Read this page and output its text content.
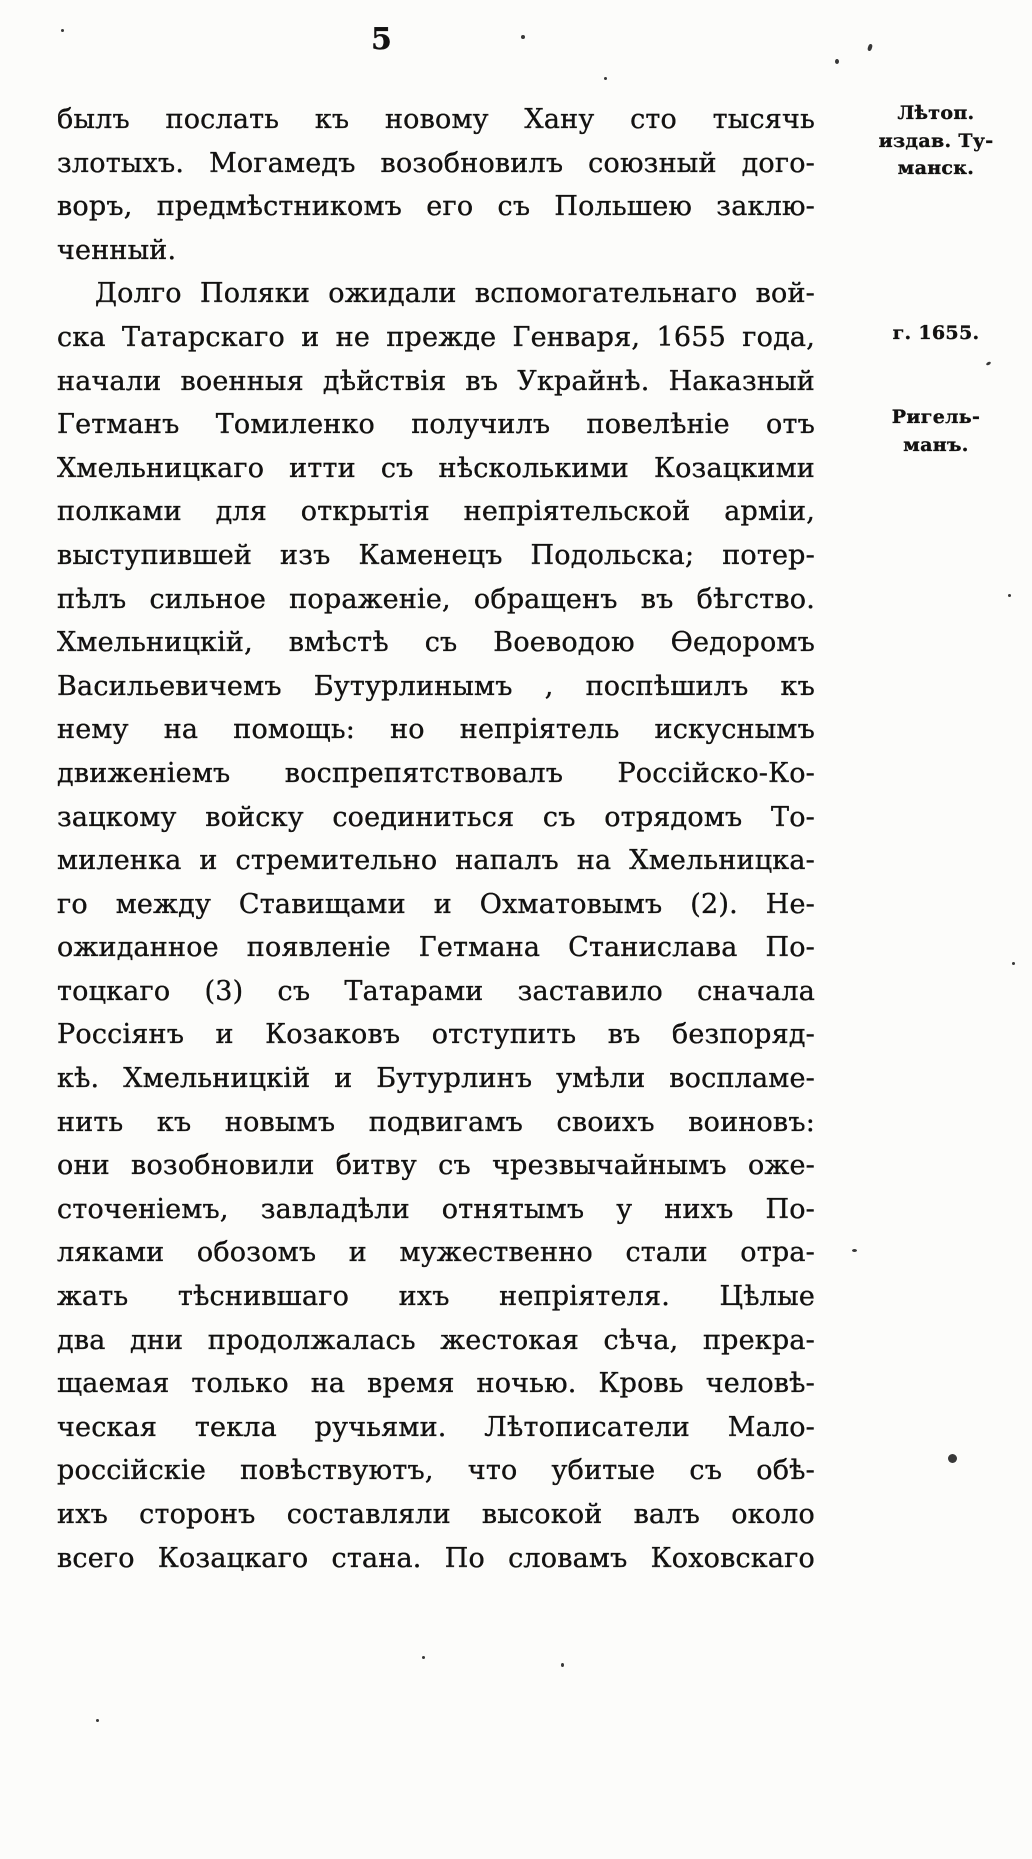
5
былъ послать къ новому Хану сто тысячь
злотыхъ. Могамедъ возобновилъ союзный дого-
воръ, предмѣстникомъ его съ Польшею заклю-
ченный.
Долго Поляки ожидали вспомогательнаго вой-
ска Татарскаго и не прежде Генваря, 1655 года,
начали военныя дѣйствія въ Украйнѣ. Наказный
Гетманъ Томиленко получилъ повелѣніе отъ
Хмельницкаго итти съ нѣсколькими Козацкими
полками для открытія непріятельской арміи,
выступившей изъ Каменецъ Подольска; потер-
пѣлъ сильное пораженіе, обращенъ въ бѣгство.
Хмельницкій, вмѣстѣ съ Воеводою Ѳедоромъ
Васильевичемъ Бутурлинымъ , поспѣшилъ къ
нему на помощь: но непріятель искуснымъ
движеніемъ воспрепятствовалъ Россійско-Ко-
зацкому войску соединиться съ отрядомъ То-
миленка и стремительно напалъ на Хмельницка-
го между Ставищами и Охматовымъ (2). Не-
ожиданное появленіе Гетмана Станислава По-
тоцкаго (3) съ Татарами заставило сначала
Россіянъ и Козаковъ отступить въ безпоряд-
кѣ. Хмельницкій и Бутурлинъ умѣли воспламе-
нить къ новымъ подвигамъ своихъ воиновъ:
они возобновили битву съ чрезвычайнымъ оже-
сточеніемъ, завладѣли отнятымъ у нихъ По-
ляками обозомъ и мужественно стали отра-
жать тѣснившаго ихъ непріятеля. Цѣлые
два дни продолжалась жестокая сѣча, прекра-
щаемая только на время ночью. Кровь человѣ-
ческая текла ручьями. Лѣтописатели Мало-
россійскіе повѣствуютъ, что убитые съ обѣ-
ихъ сторонъ составляли высокой валъ около
всего Козацкаго стана. По словамъ Коховскаго
Лѣтоп.
издав. Ту-
манск.
г. 1655.
Ригель-
манъ.
